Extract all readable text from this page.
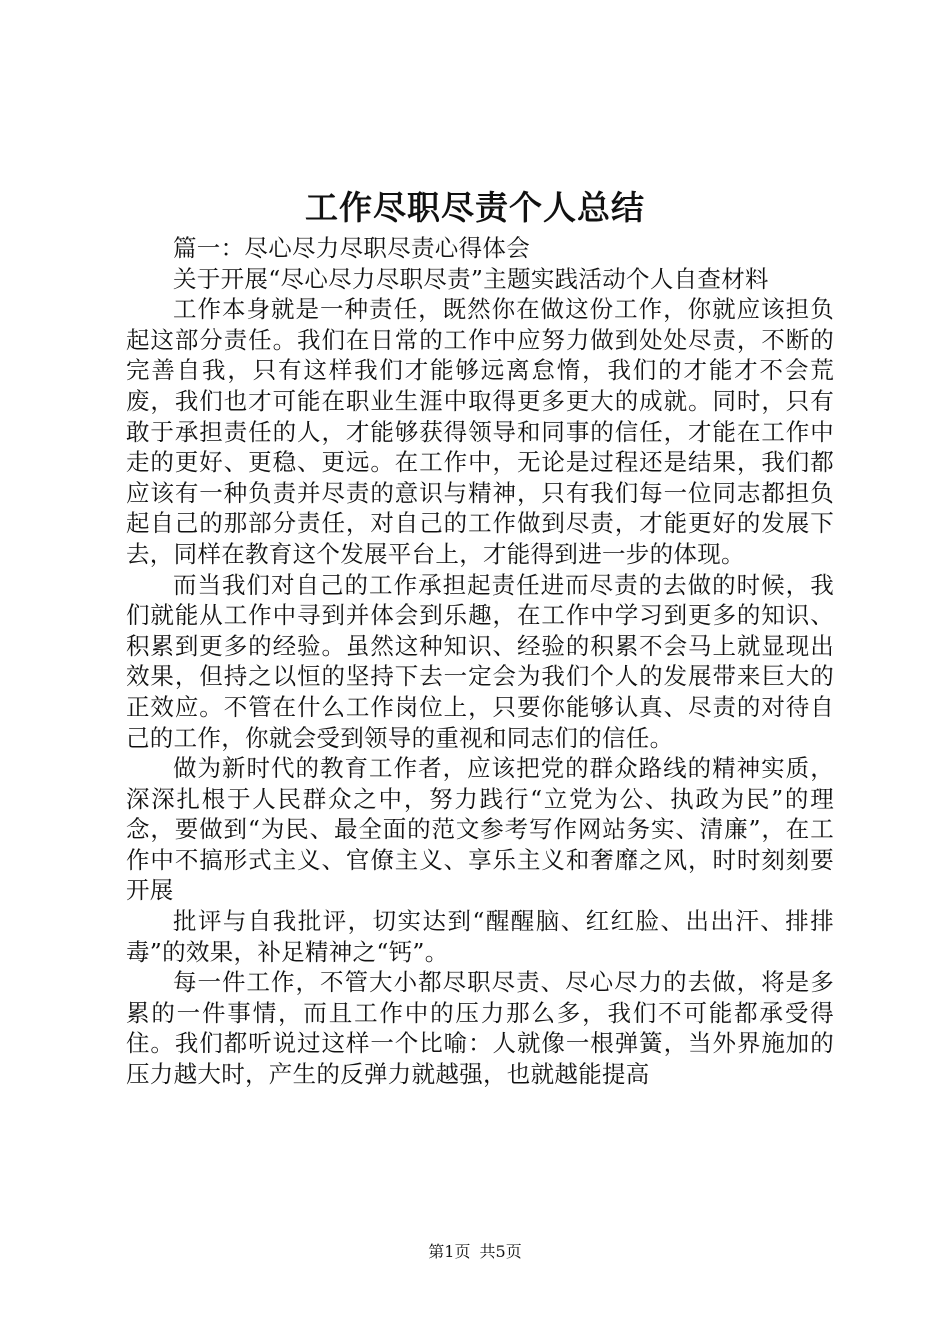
工作尽职尽责个人总结

篇一：尽心尽力尽职尽责心得体会

关于开展“尽心尽力尽职尽责”主题实践活动个人自查材料

工作本身就是一种责任，既然你在做这份工作，你就应该担负起这部分责任。我们在日常的工作中应努力做到处处尽责，不断的完善自我，只有这样我们才能够远离怠惰，我们的才能才不会荒废，我们也才可能在职业生涯中取得更多更大的成就。同时，只有敢于承担责任的人，才能够获得领导和同事的信任，才能在工作中走的更好、更稳、更远。在工作中，无论是过程还是结果，我们都应该有一种负责并尽责的意识与精神，只有我们每一位同志都担负起自己的那部分责任，对自己的工作做到尽责，才能更好的发展下去，同样在教育这个发展平台上，才能得到进一步的体现。

而当我们对自己的工作承担起责任进而尽责的去做的时候，我们就能从工作中寻到并体会到乐趣，在工作中学习到更多的知识、积累到更多的经验。虽然这种知识、经验的积累不会马上就显现出效果，但持之以恒的坚持下去一定会为我们个人的发展带来巨大的正效应。不管在什么工作岗位上，只要你能够认真、尽责的对待自己的工作，你就会受到领导的重视和同志们的信任。

做为新时代的教育工作者，应该把党的群众路线的精神实质，深深扎根于人民群众之中，努力践行“立党为公、执政为民”的理念，要做到“为民、最全面的范文参考写作网站务实、清廉”，在工作中不搞形式主义、官僚主义、享乐主义和奢靡之风，时时刻刻要开展

批评与自我批评，切实达到“醒醒脑、红红脸、出出汗、排排毒”的效果，补足精神之“钙”。

每一件工作，不管大小都尽职尽责、尽心尽力的去做，将是多累的一件事情，而且工作中的压力那么多，我们不可能都承受得住。我们都听说过这样一个比喻：人就像一根弹簧，当外界施加的压力越大时，产生的反弹力就越强，也就越能提高

第1页 共5页
